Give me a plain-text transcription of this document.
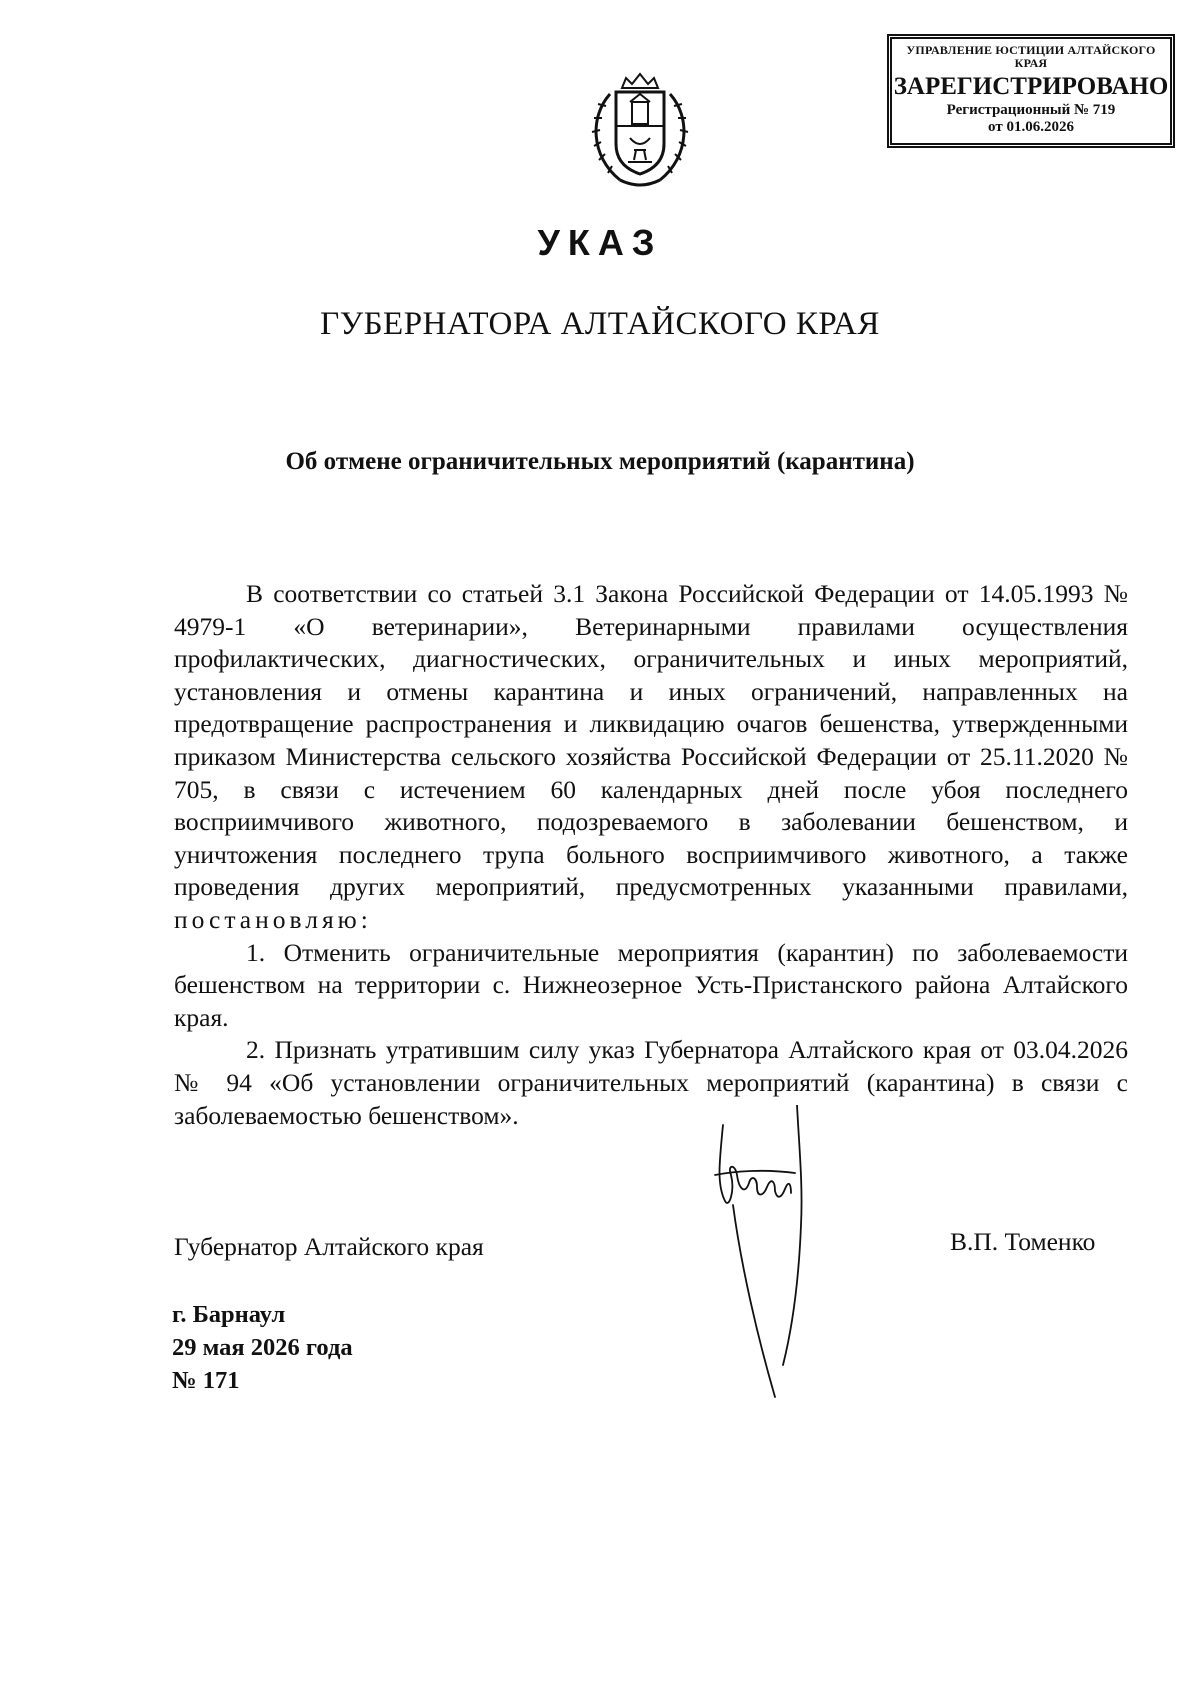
УПРАВЛЕНИЕ ЮСТИЦИИ АЛТАЙСКОГО КРАЯ
ЗАРЕГИСТРИРОВАНО
Регистрационный № 719
от 01.06.2026
УКАЗ
ГУБЕРНАТОРА АЛТАЙСКОГО КРАЯ
Об отмене ограничительных мероприятий (карантина)

В соответствии со статьей 3.1 Закона Российской Федерации от 14.05.1993 № 4979-1 «О ветеринарии», Ветеринарными правилами осуществления профилактических, диагностических, ограничительных и иных мероприятий, установления и отмены карантина и иных ограничений, направленных на предотвращение распространения и ликвидацию очагов бешенства, утвержденными приказом Министерства сельского хозяйства Российской Федерации от 25.11.2020 № 705, в связи с истечением 60 календарных дней после убоя последнего восприимчивого животного, подозреваемого в заболевании бешенством, и уничтожения последнего трупа больного восприимчивого животного, а также проведения других мероприятий, предусмотренных указанными правилами, постановляю:

1. Отменить ограничительные мероприятия (карантин) по заболеваемости бешенством на территории с. Нижнеозерное Усть-Пристанского района Алтайского края.

2. Признать утратившим силу указ Губернатора Алтайского края от 03.04.2026 № 94 «Об установлении ограничительных мероприятий (карантина) в связи с заболеваемостью бешенством».

Губернатор Алтайского края	В.П. Томенко
г. Барнаул
29 мая 2026 года
№ 171
